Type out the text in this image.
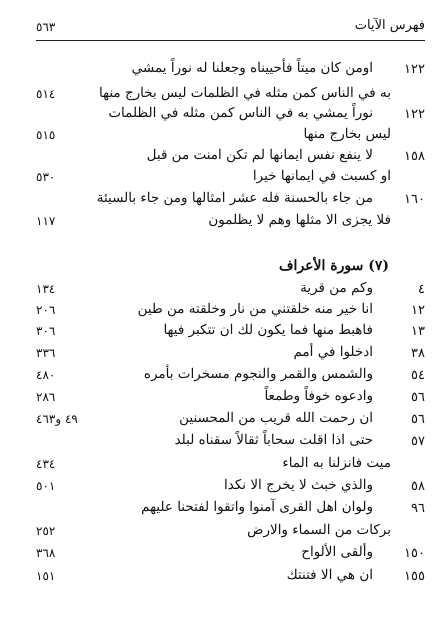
فهرس الآيات
٥٦٣
١٢٢
اومن كان ميتاً فأحييناه وجعلنا له نوراً يمشي
به في الناس كمن مثله في الظلمات ليس بخارج منها
٥١٤
١٢٢
نوراً يمشي به في الناس كمن مثله في الظلمات
ليس بخارج منها
٥١٥
١٥٨
لا ينفع نفس ايمانها لم تكن امنت من قبل
او كسبت في ايمانها خيرا
٥٣٠
١٦٠
من جاء بالحسنة فله عشر امثالها ومن جاء بالسيئة
فلا يجزى الا مثلها وهم لا يظلمون
١١٧
(٧) سورة الأعراف
٤
وكم من قرية
١٣٤
١٢
انا خير منه خلقتني من نار وخلقته من طين
٢٠٦
١٣
فاهبط منها فما يكون لك ان تتكبر فيها
٣٠٦
٣٨
ادخلوا في أمم
٣٣٦
٥٤
والشمس والقمر والنجوم مسخرات بأمره
٤٨٠
٥٦
وادعوه خوفاً وطمعاً
٢٨٦
٥٦
ان رحمت الله قريب من المحسنين
٤٩ و٤٦٣
٥٧
حتى اذا اقلت سحاباً ثقالاً سقناه لبلد
ميت فانزلنا به الماء
٤٣٤
٥٨
والذي خبث لا يخرج الا نكدا
٥٠١
٩٦
ولوان اهل القرى آمنوا واتقوا لفتحنا عليهم
بركات من السماء والارض
٢٥٢
١٥٠
وألقى الألواح
٣٦٨
١٥٥
ان هي الا فتنتك
١٥١
